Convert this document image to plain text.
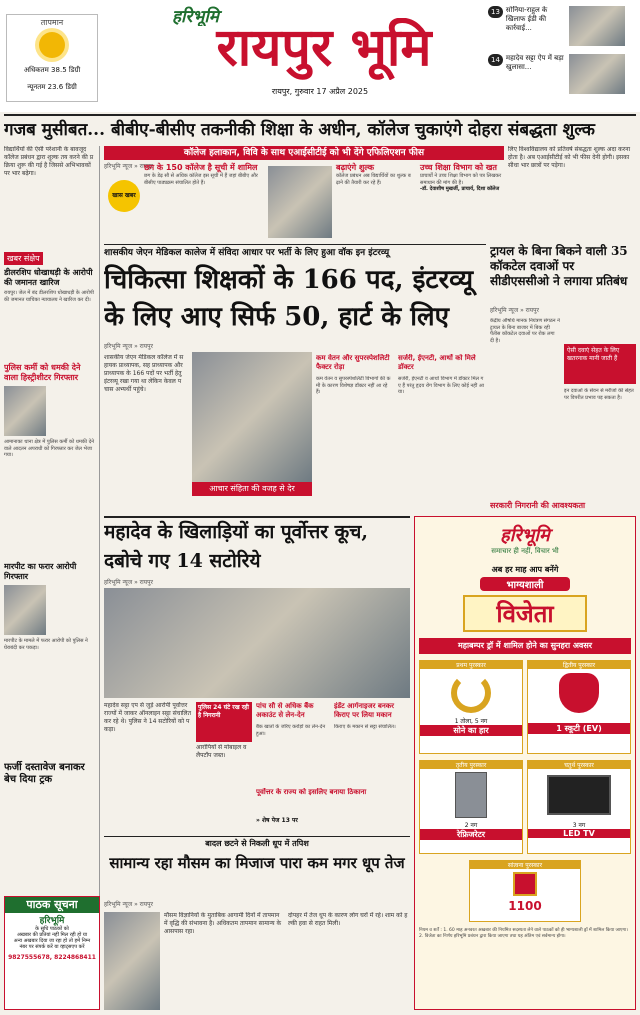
तापमान
अधिकतम 38.5 डिग्री
न्यूनतम 23.6 डिग्री
हरिभूमि
रायपुर भूमि
रायपुर, गुरुवार 17 अप्रैल 2025
13 सोनिया-राहुल के खिलाफ ईडी की कार्रवाई...
14 महादेव सट्टा ऐप में बड़ा खुलासा...
गजब मुसीबत... बीबीए-बीसीए तकनीकी शिक्षा के अधीन, कॉलेज चुकाएंगे दोहरा संबद्धता शुल्क
विद्यार्थियों की ऐसी परेशानी के बावजूद कॉलेज प्रबंधन द्वारा शुल्क तय करने की प्रक्रिया शुरू की गई है जिससे अभिभावकों पर भार बढ़ेगा।
खबर संक्षेप
डीलरशिप धोखाधड़ी के आरोपी की जमानत खारिज
रायपुर। जेल में बंद डीलरशिप धोखाधड़ी के आरोपी की जमानत याचिका न्यायालय ने खारिज कर दी।
पुलिस कर्मी को धमकी देने वाला हिस्ट्रीशीटर गिरफ्तार
आमानाका थाना क्षेत्र में पुलिस कर्मी को धमकी देने वाले आदतन अपराधी को गिरफ्तार कर जेल भेजा गया।
मारपीट का फरार आरोपी गिरफ्तार
मारपीट के मामले में फरार आरोपी को पुलिस ने घेराबंदी कर पकड़ा।
फर्जी दस्तावेज बनाकर बेच दिया ट्रक
कॉलेज हलाकान, विवि के साथ एआईसीटीई को भी देंगे एफिलिएशन फीस
हरिभूमि न्यूज » रायपुर
खास खबर
छग के 150 कॉलेज है सूची में शामिल
छग के डेढ़ सौ से अधिक कॉलेज इस सूची में हैं जहां बीबीए और बीसीए पाठ्यक्रम संचालित होते हैं।
बढ़ाएंगे शुल्क
कॉलेज प्रबंधन अब विद्यार्थियों का शुल्क बढ़ाने की तैयारी कर रहे हैं।
उच्च शिक्षा विभाग को खत
प्राचार्यों ने उच्च शिक्षा विभाग को पत्र लिखकर समाधान की मांग की है।
-डॉ. देवाशीष मुखर्जी, प्राचार्य, दिशा कॉलेज
लिए विश्वविद्यालय को प्रतिवर्ष संबद्धता शुल्क अदा करना होता है। अब एआईसीटीई को भी फीस देनी होगी। इसका सीधा भार छात्रों पर पड़ेगा।
शासकीय जेएन मेडिकल कालेज में संविदा आधार पर भर्ती के लिए हुआ वॉक इन इंटरव्यू
चिकित्सा शिक्षकों के 166 पद, इंटरव्यू के लिए आए सिर्फ 50, हार्ट के लिए
हरिभूमि न्यूज » रायपुर
शासकीय जेएन मेडिकल कॉलेज में सहायक प्राध्यापक, सह प्राध्यापक और प्राध्यापक के 166 पदों पर भर्ती हेतु इंटरव्यू रखा गया था लेकिन केवल पचास अभ्यर्थी पहुंचे।
आचार संहिता की वजह से देर
कम वेतन और सुपरस्पेशलिटी फैक्टर रोड़ा
कम वेतन व सुपरस्पेशलिटी विभागों की कमी के कारण विशेषज्ञ डॉक्टर नहीं आ रहे हैं।
सर्जरी, ईएनटी, आर्थो को मिले डॉक्टर
सर्जरी, ईएनटी व आर्थो विभाग में डॉक्टर मिल गए हैं परंतु हृदय रोग विभाग के लिए कोई नहीं आया।
ट्रायल के बिना बिकने वाली 35 कॉकटेल दवाओं पर सीडीएससीओ ने लगाया प्रतिबंध
हरिभूमि न्यूज » रायपुर
केंद्रीय औषधि मानक नियंत्रण संगठन ने ट्रायल के बिना बाजार में बिक रही पैंतीस कॉकटेल दवाओं पर रोक लगा दी है।
ऐसी दवाएं सेहत के लिए खतरनाक मानी जाती हैं
इन दवाओं के सेवन से मरीजों की सेहत पर विपरीत प्रभाव पड़ सकता है।
सरकारी निगरानी की आवश्यकता
महादेव के खिलाड़ियों का पूर्वोत्तर कूच, दबोचे गए 14 सटोरिये
हरिभूमि न्यूज » रायपुर
महादेव सट्टा एप से जुड़े आरोपी पूर्वोत्तर राज्यों में जाकर ऑनलाइन सट्टा संचालित कर रहे थे। पुलिस ने 14 सटोरियों को पकड़ा।
पुलिस 24 घंटे रख रही है निगरानी
आरोपियों से मोबाइल व लैपटॉप जब्त।
पांच सौ से अधिक बैंक अकाउंट से लेन-देन
बैंक खातों के जरिए करोड़ों का लेन-देन हुआ।
इंडेंट आर्गनाइजर बनकर किराए पर लिया मकान
किराए के मकान से सट्टा संचालित।
पूर्वोत्तर के राज्य को इसलिए बनाया ठिकाना
» शेष पेज 13 पर
बादल छटने से निकली धूप में तपिश
सामान्य रहा मौसम का मिजाज पारा कम मगर धूप तेज
हरिभूमि न्यूज » रायपुर
मौसम विज्ञानियों के मुताबिक आगामी दिनों में तापमान में वृद्धि की संभावना है। अधिकतम तापमान सामान्य के आसपास रहा।
दोपहर में तेज धूप के कारण लोग घरों में रहे। शाम को हल्की हवा से राहत मिली।
पाठक सूचना
हरिभूमि
के सुधि पाठकों को
अखबार की प्रतियां नहीं मिल रही हो या
अन्य अखबार दिया जा रहा हो तो हमें निम्न
नंबर पर संपर्क करें या व्हाट्सएप करें
9827555678, 8224868411
हरिभूमि
समाचार ही नहीं, विचार भी
अब हर माह आप बनेंगे
भाग्यशाली
विजेता
महाबम्पर ड्रॉ में शामिल होने का सुनहरा अवसर
प्रथम पुरस्कार
1 तोला, 5 नग
सोने का हार
द्वितीय पुरस्कार
1 स्कूटी (EV)
तृतीय पुरस्कार
2 नग
रेफ्रिजरेटर
चतुर्थ पुरस्कार
3 नग
LED TV
सांत्वना पुरस्कार
1100
नियम व शर्तें : 1. 60 माह अनवरत अखबार की नियमित सदस्यता लेने वाले पाठकों को ही भाग्यशाली ड्रॉ में शामिल किया जाएगा। 2. विजेता का निर्णय हरिभूमि प्रबंधन द्वारा किया जाएगा तथा यह अंतिम एवं सर्वमान्य होगा।
